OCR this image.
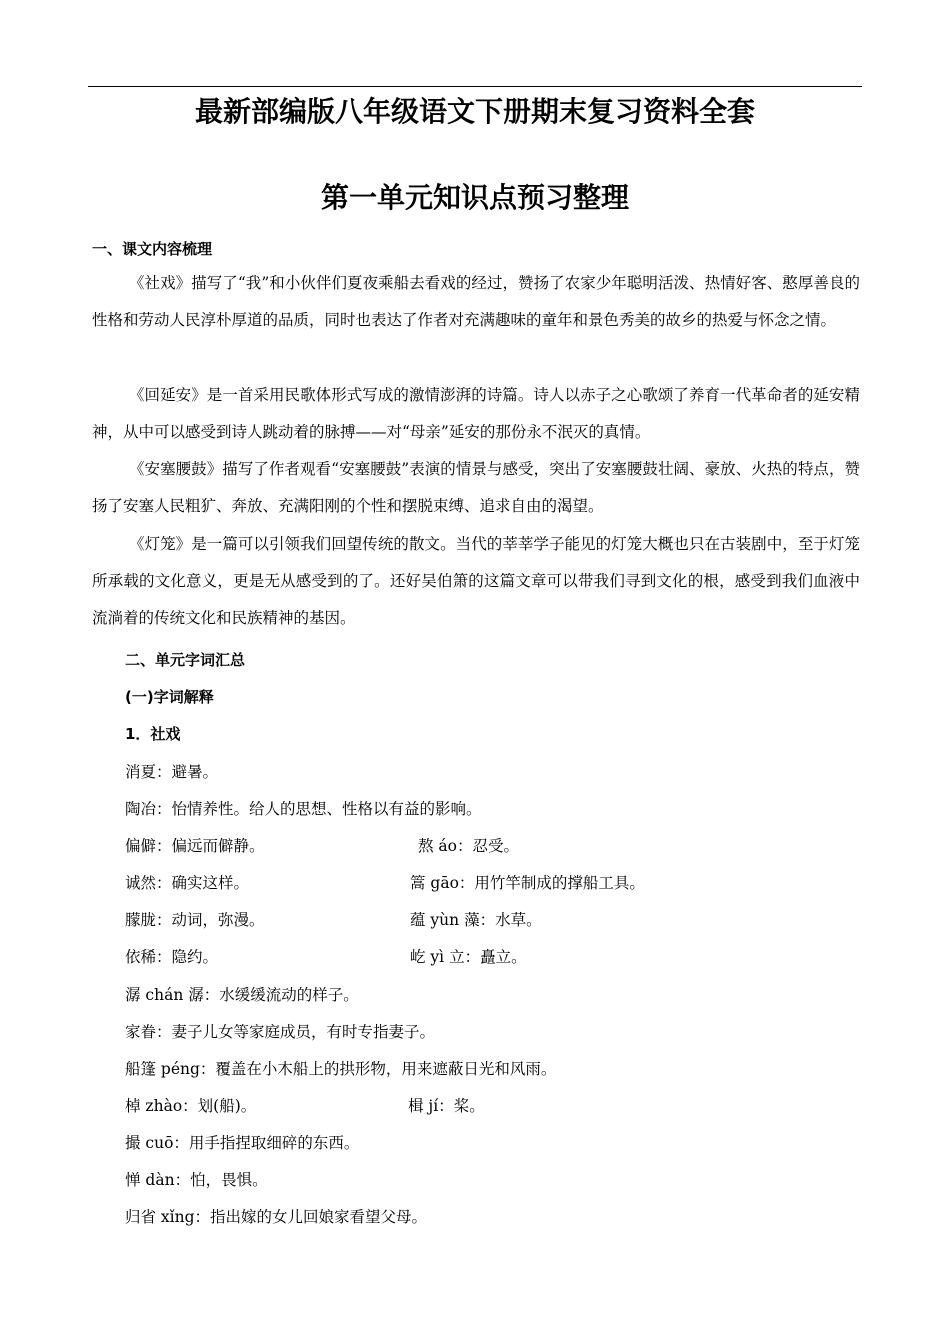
最新部编版八年级语文下册期末复习资料全套
第一单元知识点预习整理
一、课文内容梳理

《社戏》描写了“我”和小伙伴们夏夜乘船去看戏的经过，赞扬了农家少年聪明活泼、热情好客、憨厚善良的性格和劳动人民淳朴厚道的品质，同时也表达了作者对充满趣味的童年和景色秀美的故乡的热爱与怀念之情。

《回延安》是一首采用民歌体形式写成的激情澎湃的诗篇。诗人以赤子之心歌颂了养育一代革命者的延安精神，从中可以感受到诗人跳动着的脉搏——对“母亲”延安的那份永不泯灭的真情。

《安塞腰鼓》描写了作者观看“安塞腰鼓”表演的情景与感受，突出了安塞腰鼓壮阔、豪放、火热的特点，赞扬了安塞人民粗犷、奔放、充满阳刚的个性和摆脱束缚、追求自由的渴望。

《灯笼》是一篇可以引领我们回望传统的散文。当代的莘莘学子能见的灯笼大概也只在古装剧中，至于灯笼所承载的文化意义，更是无从感受到的了。还好吴伯箫的这篇文章可以带我们寻到文化的根，感受到我们血液中流淌着的传统文化和民族精神的基因。

二、单元字词汇总
(一)字词解释
1．社戏
消夏：避暑。
陶冶：怡情养性。给人的思想、性格以有益的影响。
偏僻：偏远而僻静。	熬 áo：忍受。
诚然：确实这样。	篙 gāo：用竹竿制成的撑船工具。
朦胧：动词，弥漫。	蕴 yùn 藻：水草。
依稀：隐约。	屹 yì 立：矗立。
潺 chán 潺：水缓缓流动的样子。
家眷：妻子儿女等家庭成员，有时专指妻子。
船篷 péng：覆盖在小木船上的拱形物，用来遮蔽日光和风雨。
棹 zhào：划(船)。	楫 jí：桨。
撮 cuō：用手指捏取细碎的东西。
惮 dàn：怕，畏惧。
归省 xǐng：指出嫁的女儿回娘家看望父母。
